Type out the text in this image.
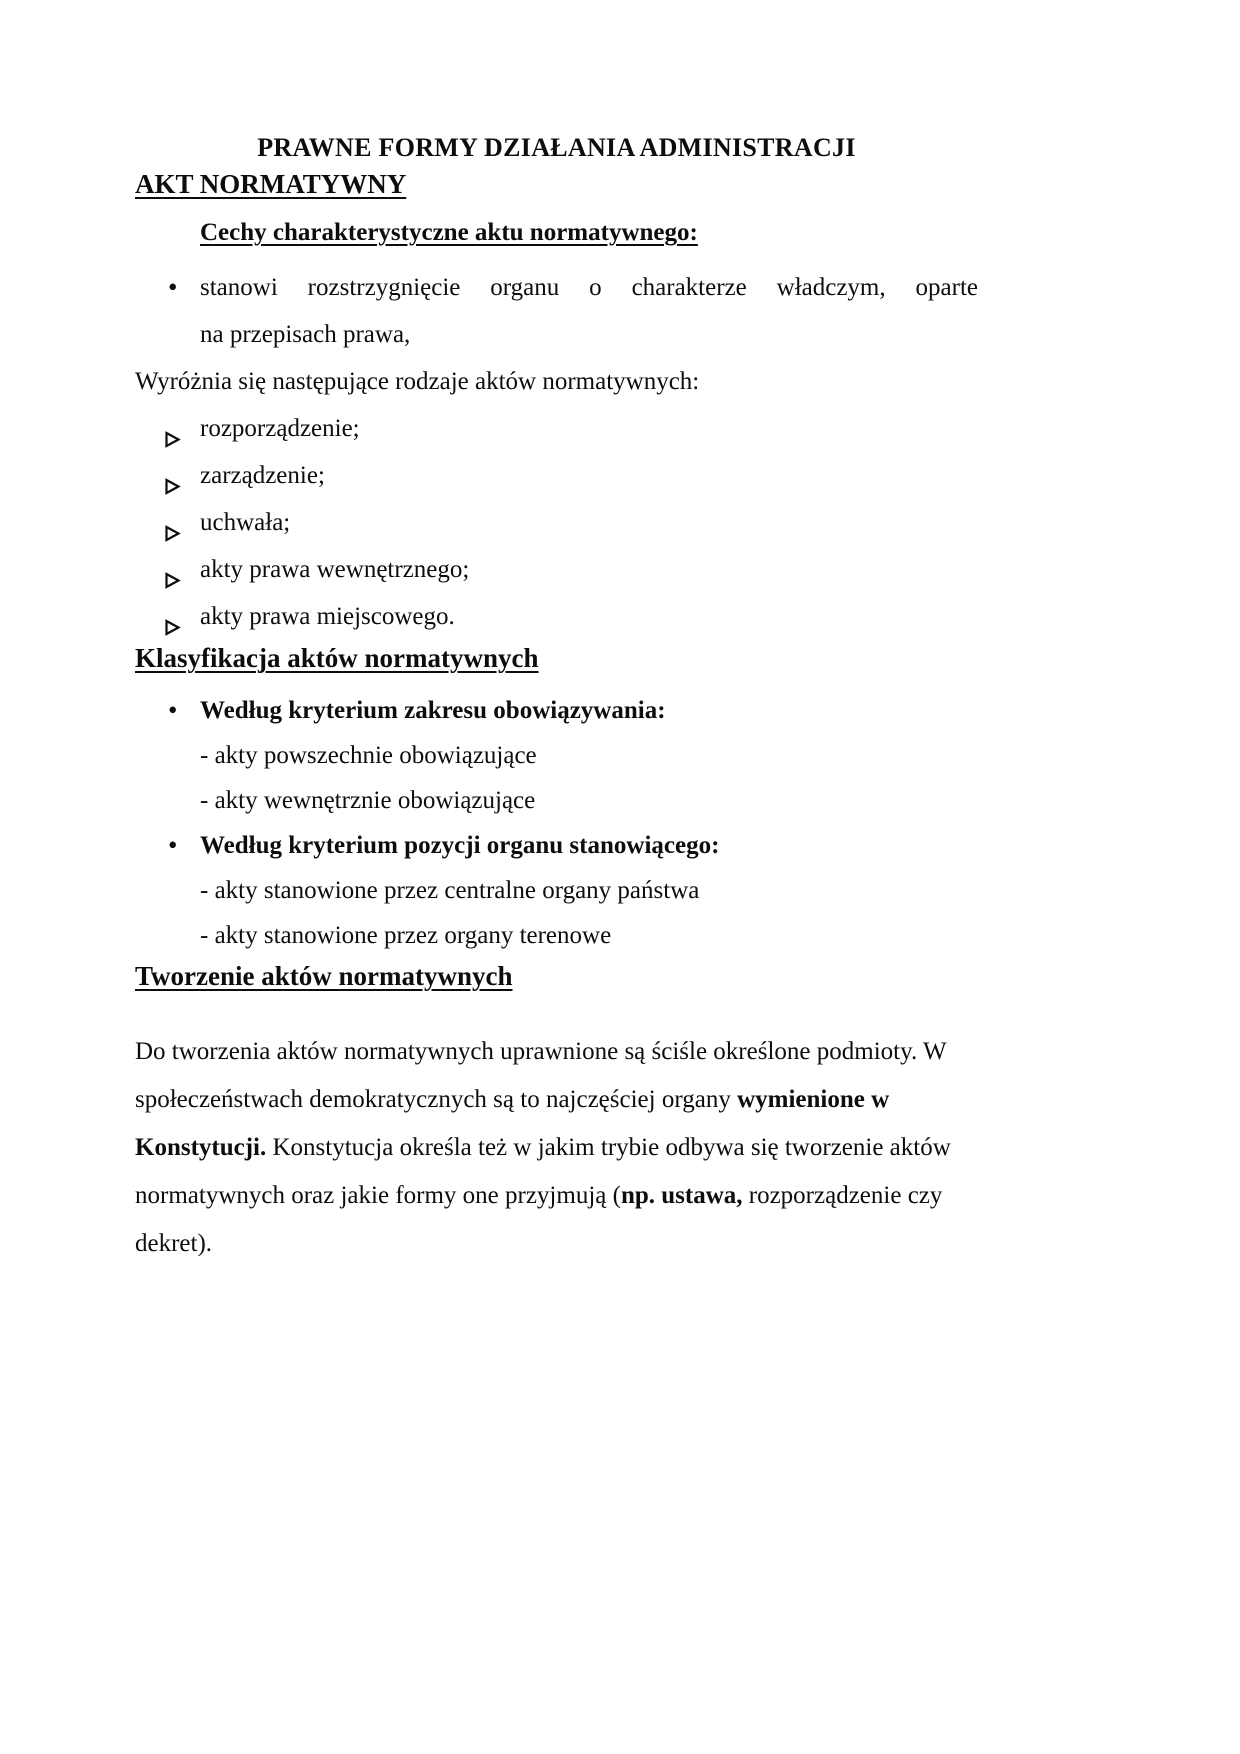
PRAWNE FORMY DZIAŁANIA ADMINISTRACJI
AKT NORMATYWNY
Cechy charakterystyczne aktu normatywnego:
• stanowi rozstrzygnięcie organu o charakterze władczym, oparte
na przepisach prawa,

Wyróżnia się następujące rodzaje aktów normatywnych:

rozporządzenie;
zarządzenie;
uchwała;
akty prawa wewnętrznego;
akty prawa miejscowego.
Klasyfikacja aktów normatywnych
• Według kryterium zakresu obowiązywania:
- akty powszechnie obowiązujące
- akty wewnętrznie obowiązujące
• Według kryterium pozycji organu stanowiącego:
- akty stanowione przez centralne organy państwa
- akty stanowione przez organy terenowe
Tworzenie aktów normatywnych

Do tworzenia aktów normatywnych uprawnione są ściśle określone podmioty. W społeczeństwach demokratycznych są to najczęściej organy wymienione w Konstytucji. Konstytucja określa też w jakim trybie odbywa się tworzenie aktów normatywnych oraz jakie formy one przyjmują (np. ustawa, rozporządzenie czy dekret).
